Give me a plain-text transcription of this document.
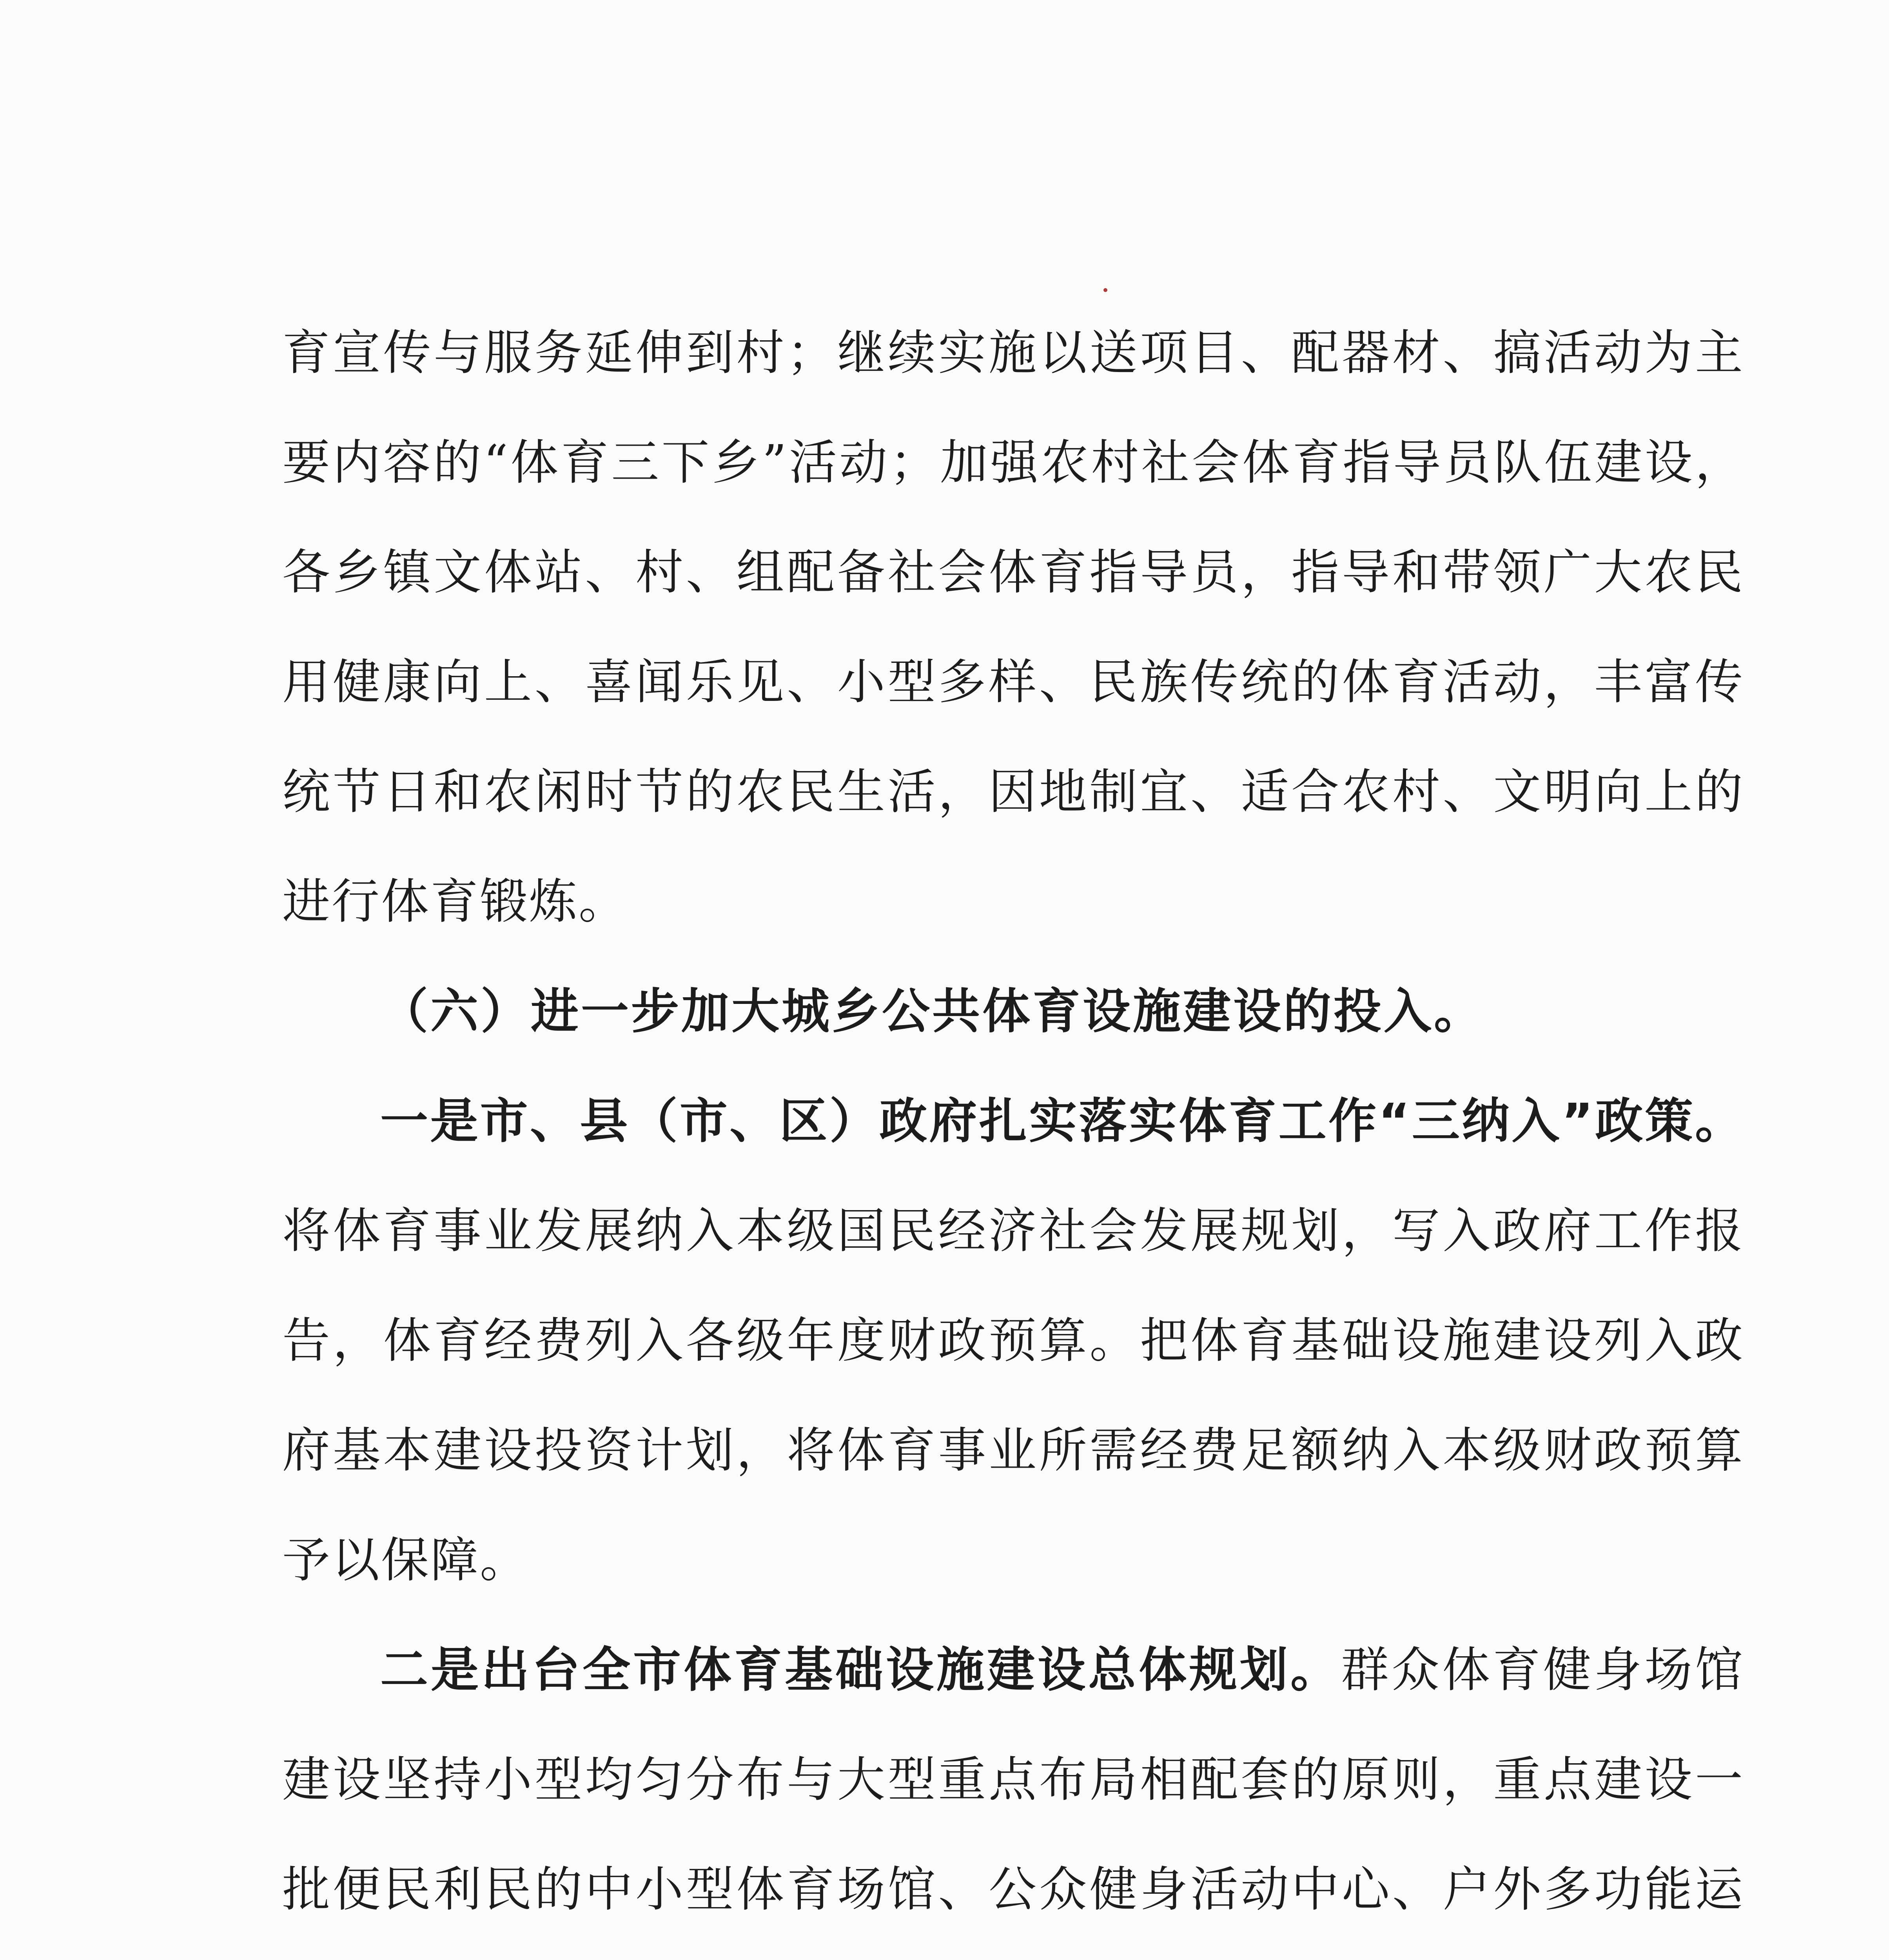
育宣传与服务延伸到村；继续实施以送项目、配器材、搞活动为主要内容的“体育三下乡”活动；加强农村社会体育指导员队伍建设，各乡镇文体站、村、组配备社会体育指导员，指导和带领广大农民用健康向上、喜闻乐见、小型多样、民族传统的体育活动，丰富传统节日和农闲时节的农民生活，因地制宜、适合农村、文明向上的进行体育锻炼。

（六）进一步加大城乡公共体育设施建设的投入。

一是市、县（市、区）政府扎实落实体育工作“三纳入”政策。将体育事业发展纳入本级国民经济社会发展规划，写入政府工作报告，体育经费列入各级年度财政预算。把体育基础设施建设列入政府基本建设投资计划，将体育事业所需经费足额纳入本级财政预算予以保障。

二是出台全市体育基础设施建设总体规划。群众体育健身场馆建设坚持小型均匀分布与大型重点布局相配套的原则，重点建设一批便民利民的中小型体育场馆、公众健身活动中心、户外多功能运
